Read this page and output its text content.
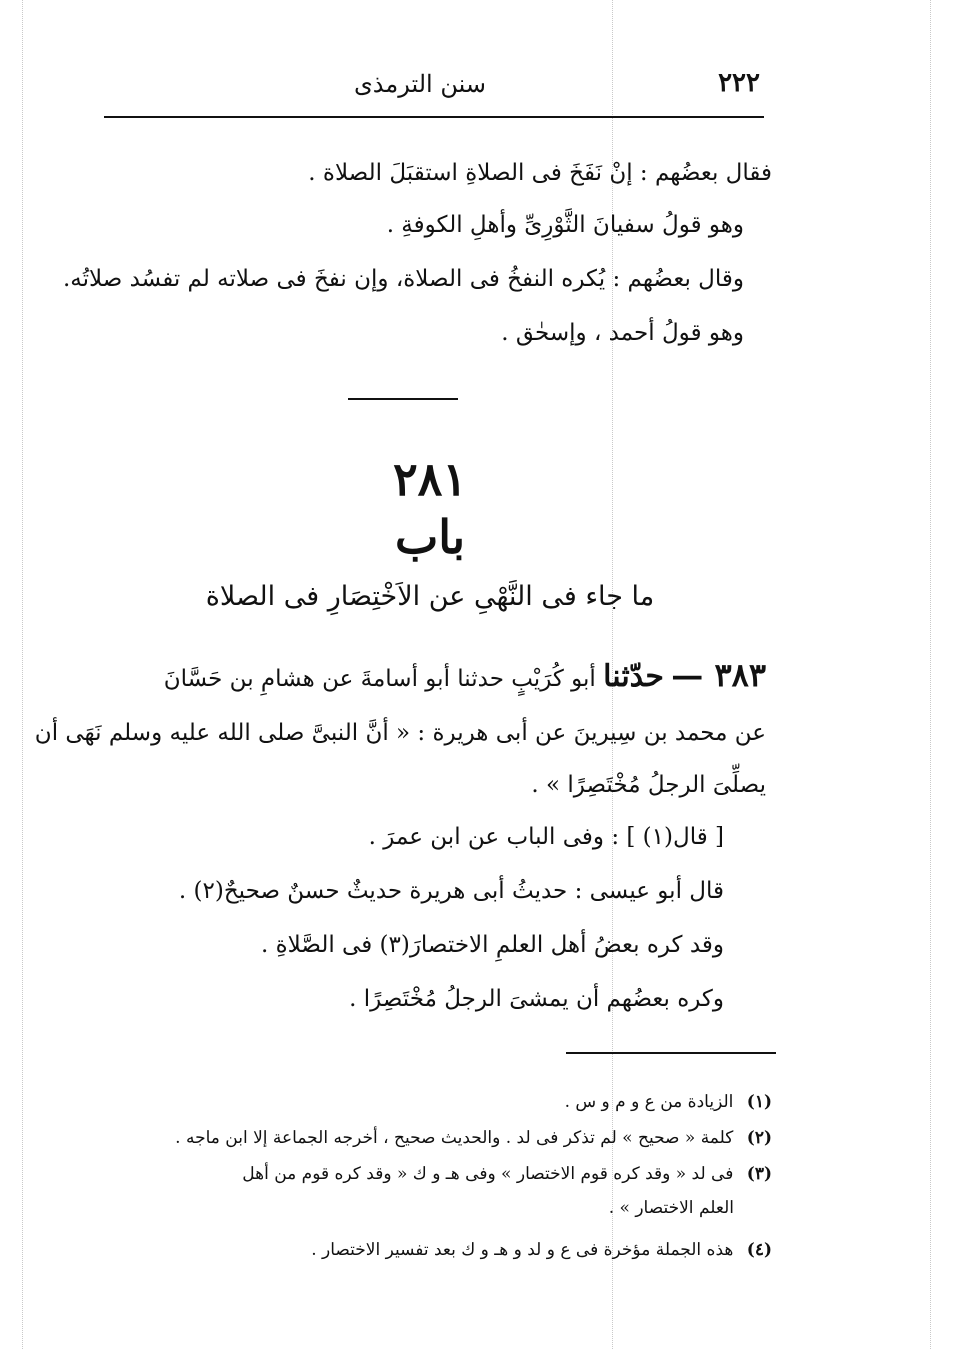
٢٢٢
سنن الترمذى
فقال بعضُهم : إنْ نَفَخَ فى الصلاةِ استقبَلَ الصلاة .
وهو قولُ سفيانَ الثَّوْرِىِّ وأهلِ الكوفةِ .
وقال بعضُهم : يُكره النفخُ فى الصلاة، وإن نفخَ فى صلاته لم تفسُد صلاتُه.
وهو قولُ أحمد ، وإسحٰق .
٢٨١
باب
ما جاء فى النَّهْىِ عن الاَخْتِصَارِ فى الصلاة
٣٨٣ — حدّثنا أبو كُرَيْبٍ حدثنا أبو أسامةَ عن هشامِ بن حَسَّانَ
عن محمد بن سِيرينَ عن أبى هريرة : « أنَّ النبىَّ صلى الله عليه وسلم نَهَى أن
يصلِّىَ الرجلُ مُخْتَصِرًا » .
[ قال(١) ] : وفى الباب عن ابن عمرَ .
قال أبو عيسى : حديثُ أبى هريرة حديثٌ حسنٌ صحيحٌ(٢) .
وقد كره بعضُ أهل العلمِ الاختصارَ(٣) فى الصَّلاةِ .
وكره بعضُهم أن يمشىَ الرجلُ مُخْتَصِرًا .
(١) الزيادة من ع و م و س .
(٢) كلمة « صحيح » لم تذكر فى لد . والحديث صحيح ، أخرجه الجماعة إلا ابن ماجه .
(٣) فى لد « وقد كره قوم الاختصار » وفى هـ و ك « وقد كره قوم من أهل
العلم الاختصار » .
(٤) هذه الجملة مؤخرة فى ع و لد و هـ و ك بعد تفسير الاختصار .
